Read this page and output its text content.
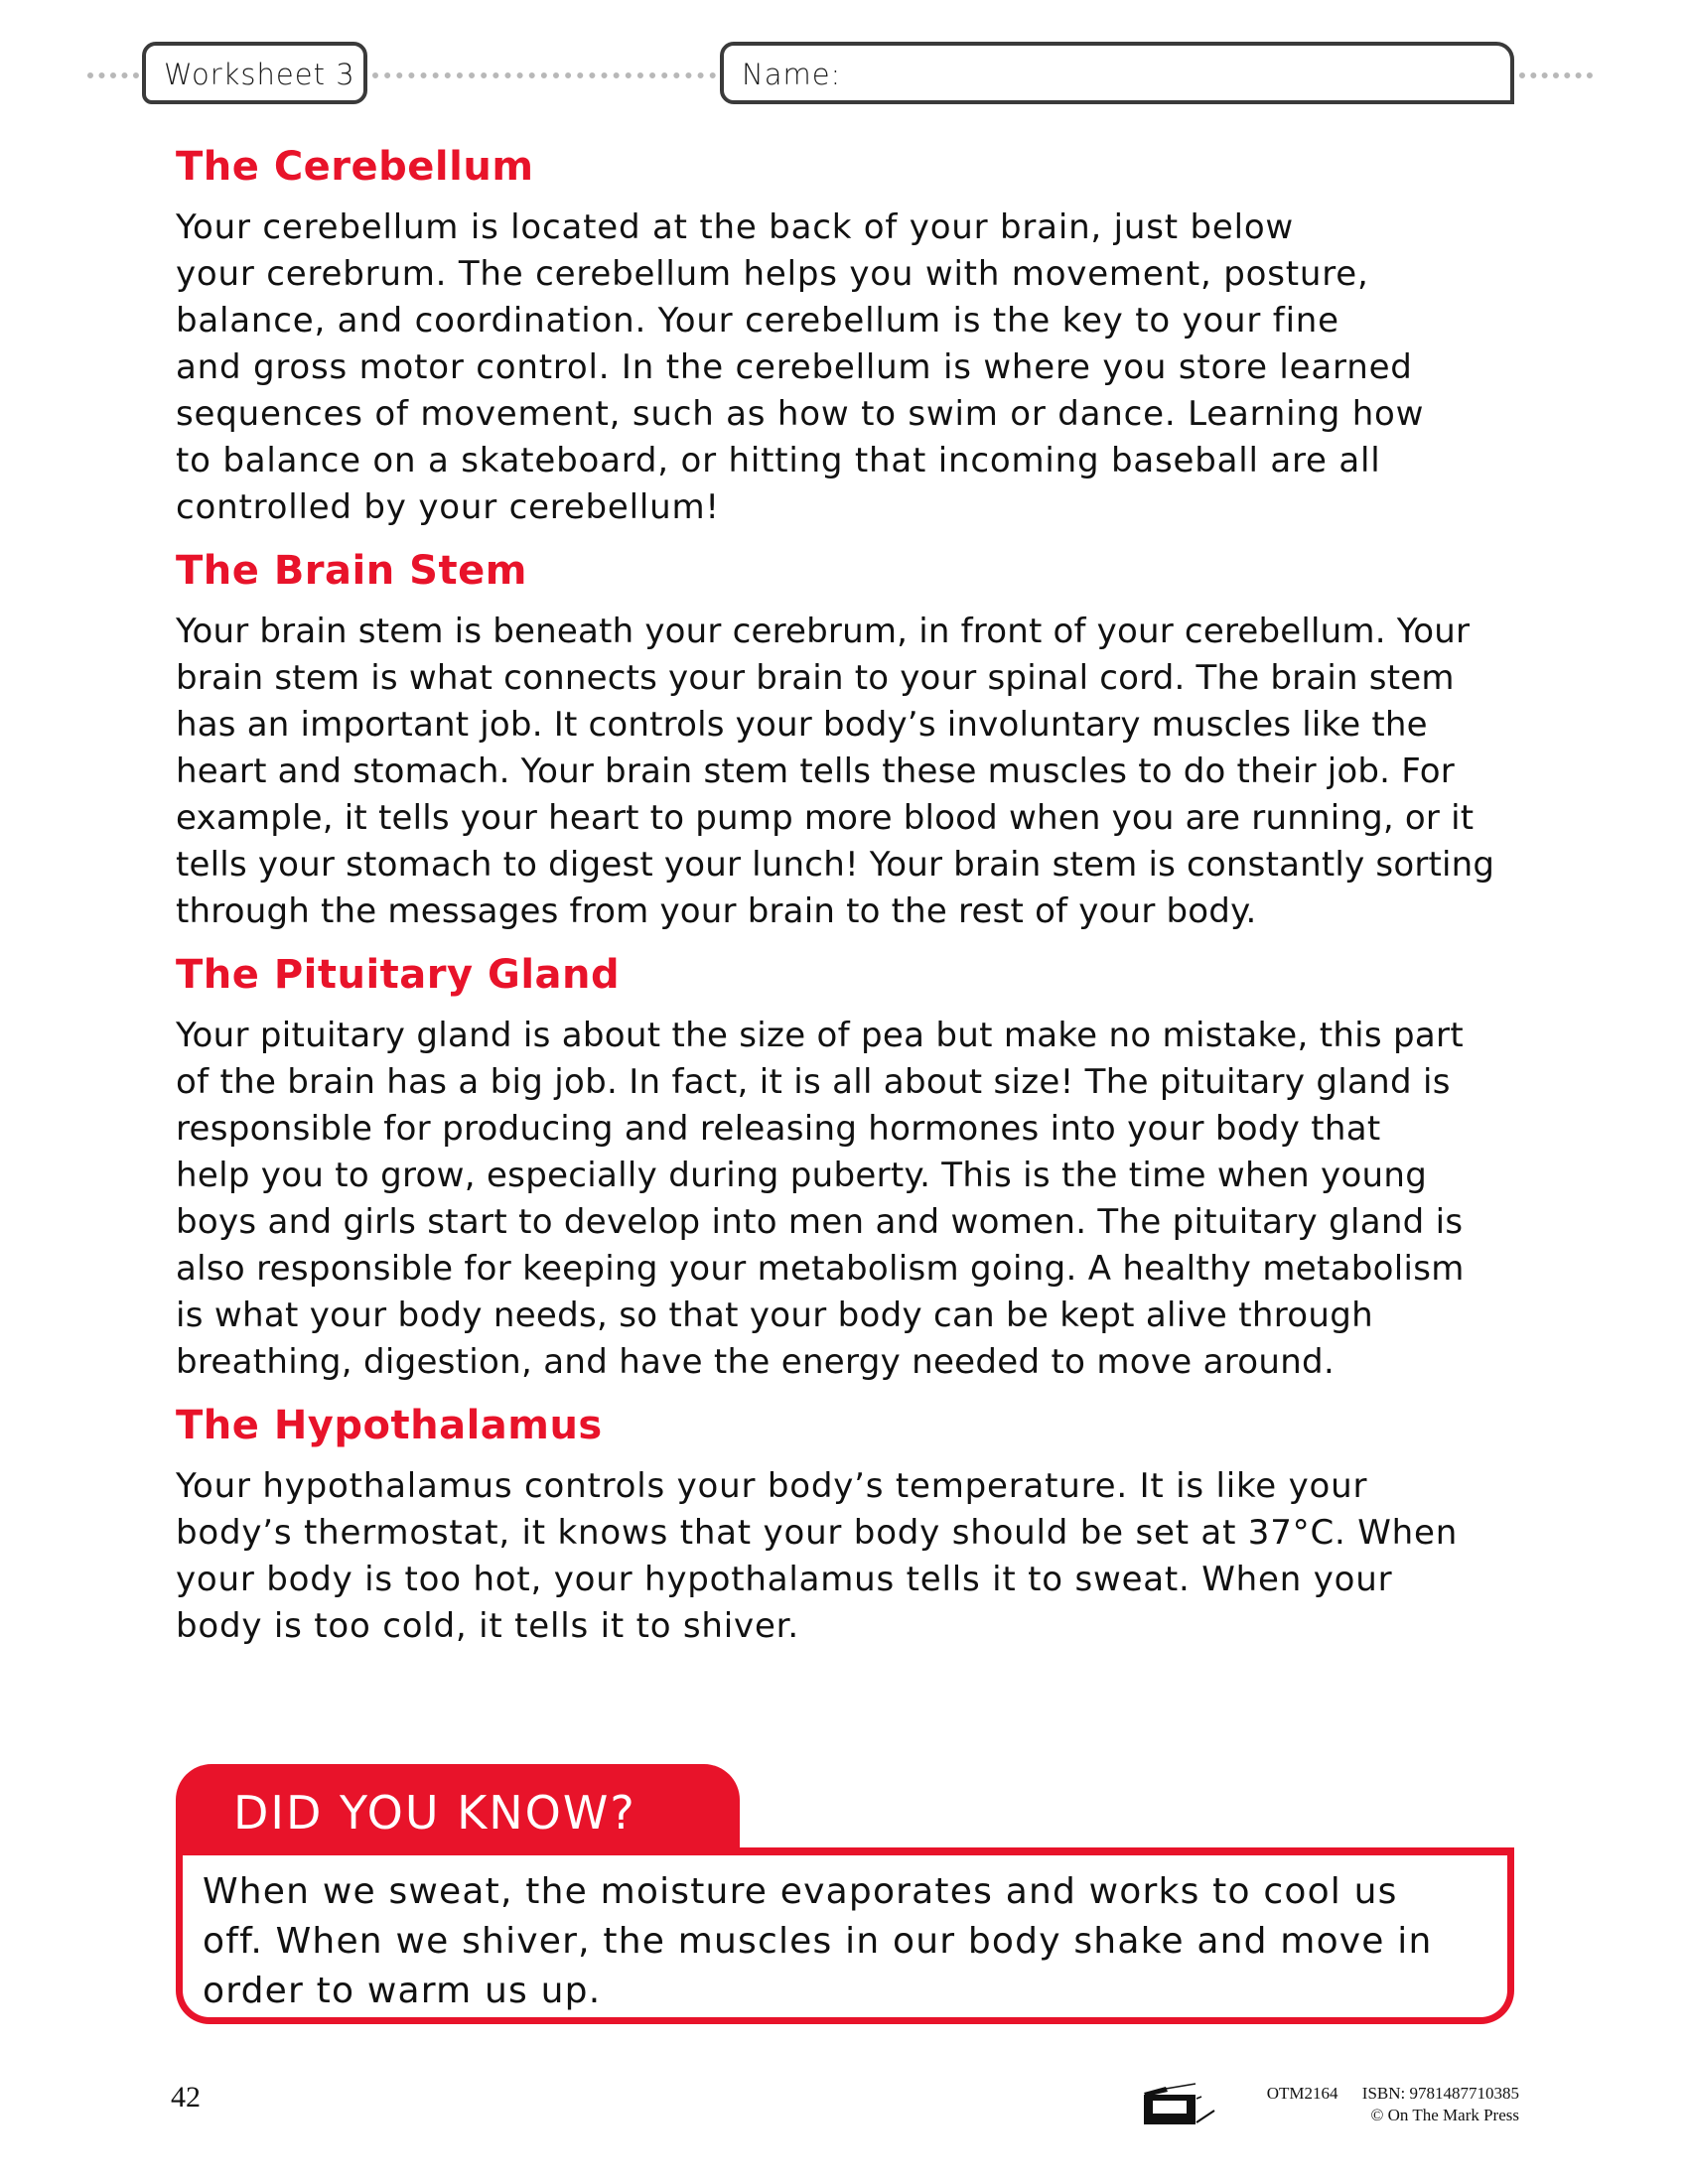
Worksheet 3	Name:
The Cerebellum

Your cerebellum is located at the back of your brain, just below
your cerebrum. The cerebellum helps you with movement, posture,
balance, and coordination. Your cerebellum is the key to your fine
and gross motor control. In the cerebellum is where you store learned
sequences of movement, such as how to swim or dance. Learning how
to balance on a skateboard, or hitting that incoming baseball are all
controlled by your cerebellum!

The Brain Stem

Your brain stem is beneath your cerebrum, in front of your cerebellum. Your
brain stem is what connects your brain to your spinal cord. The brain stem
has an important job. It controls your body’s involuntary muscles like the
heart and stomach. Your brain stem tells these muscles to do their job. For
example, it tells your heart to pump more blood when you are running, or it
tells your stomach to digest your lunch! Your brain stem is constantly sorting
through the messages from your brain to the rest of your body.

The Pituitary Gland

Your pituitary gland is about the size of pea but make no mistake, this part
of the brain has a big job. In fact, it is all about size! The pituitary gland is
responsible for producing and releasing hormones into your body that
help you to grow, especially during puberty. This is the time when young
boys and girls start to develop into men and women. The pituitary gland is
also responsible for keeping your metabolism going. A healthy metabolism
is what your body needs, so that your body can be kept alive through
breathing, digestion, and have the energy needed to move around.

The Hypothalamus

Your hypothalamus controls your body’s temperature. It is like your
body’s thermostat, it knows that your body should be set at 37°C. When
your body is too hot, your hypothalamus tells it to sweat. When your
body is too cold, it tells it to shiver.

DID YOU KNOW?

When we sweat, the moisture evaporates and works to cool us
off. When we shiver, the muscles in our body shake and move in
order to warm us up.

42	OTM2164 ISBN: 9781487710385
© On The Mark Press
